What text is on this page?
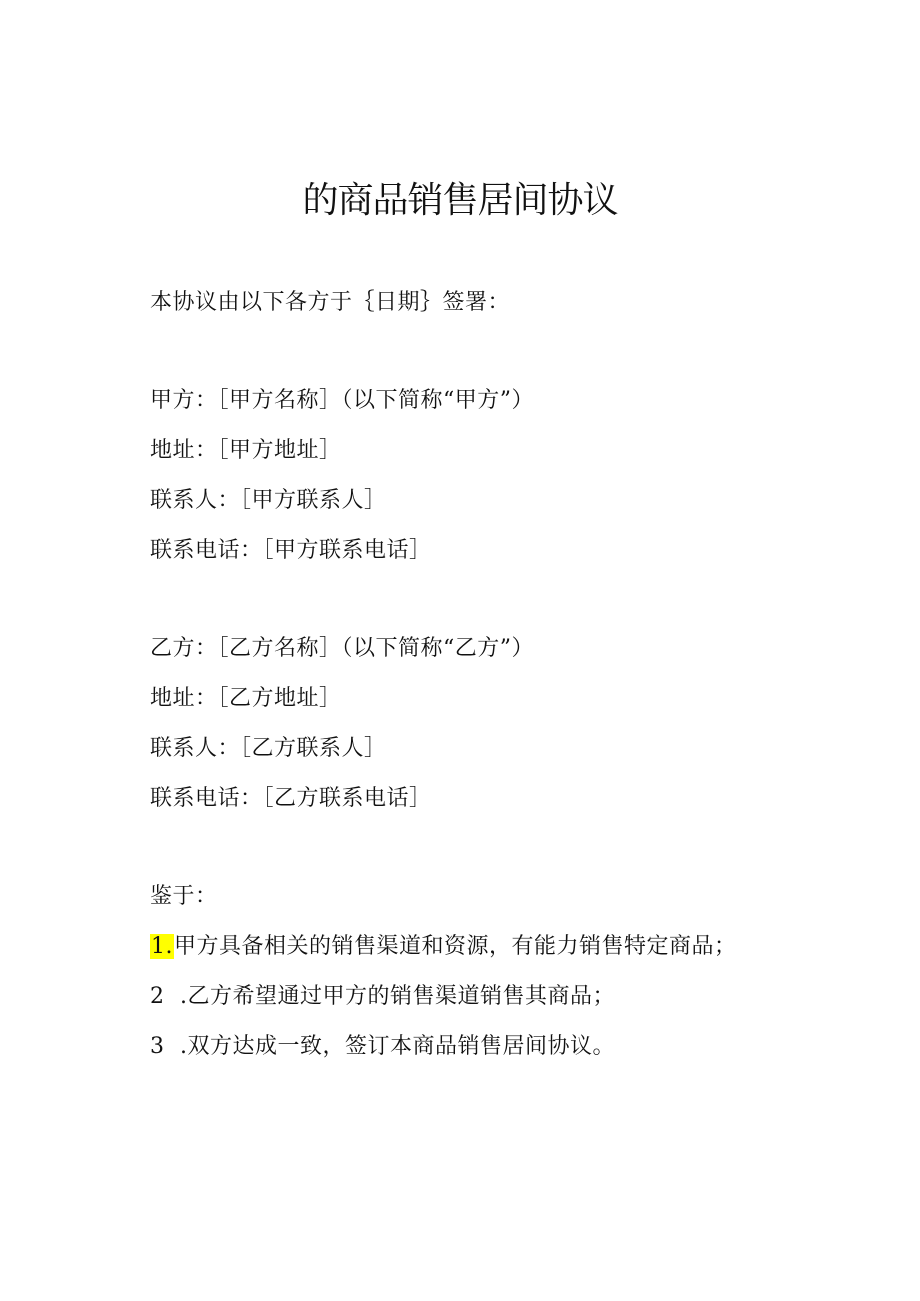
的商品销售居间协议
本协议由以下各方于｛日期｝签署：
甲方：［甲方名称］（以下简称“甲方”）
地址：［甲方地址］
联系人：［甲方联系人］
联系电话：［甲方联系电话］
乙方：［乙方名称］（以下简称“乙方”）
地址：［乙方地址］
联系人：［乙方联系人］
联系电话：［乙方联系电话］
鉴于：
1.甲方具备相关的销售渠道和资源，有能力销售特定商品；
2 .乙方希望通过甲方的销售渠道销售其商品；
3 .双方达成一致，签订本商品销售居间协议。
